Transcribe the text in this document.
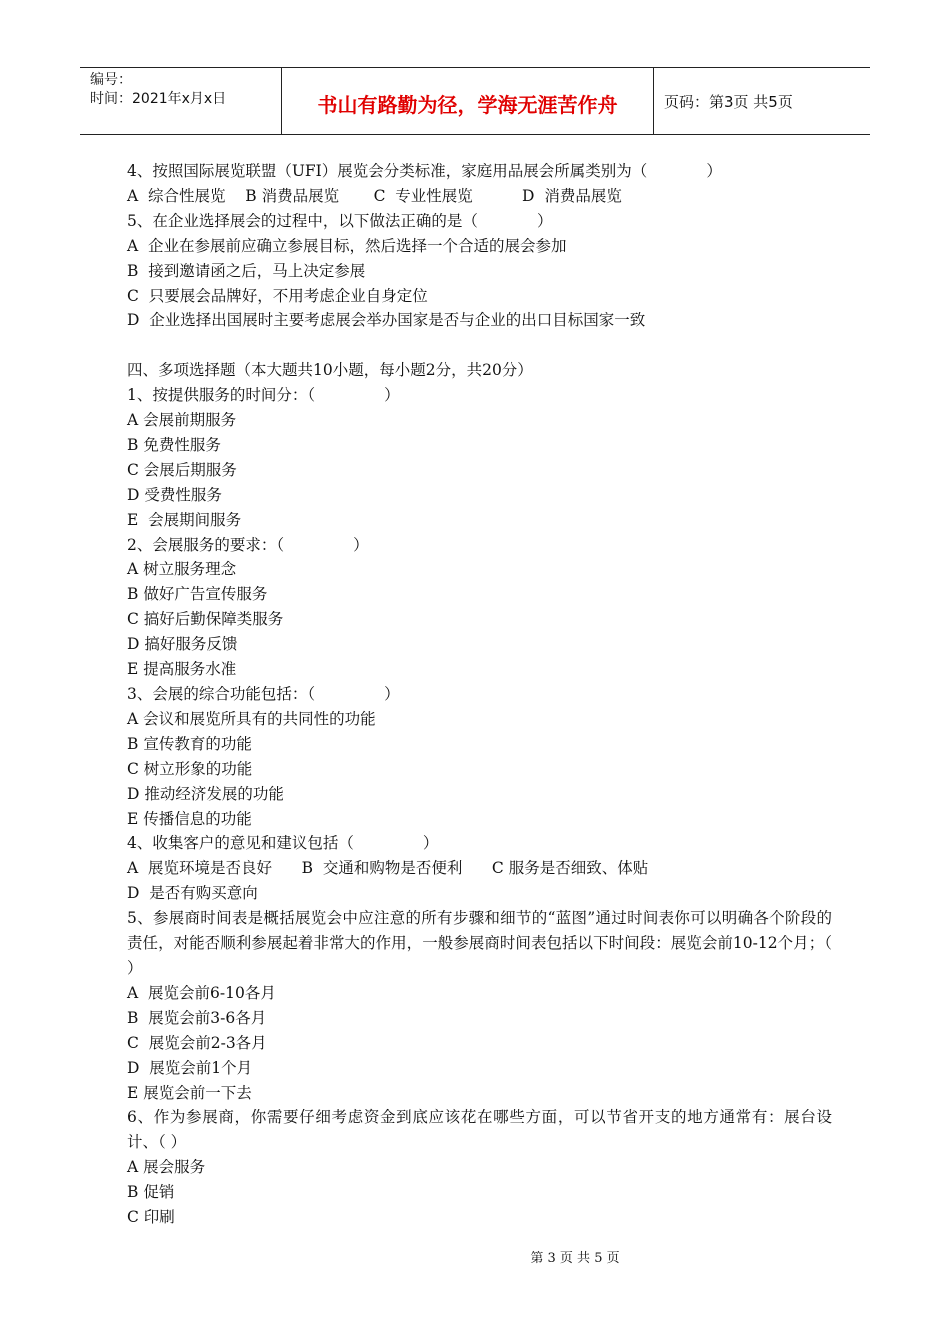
编号：
时间：2021年x月x日	书山有路勤为径，学海无涯苦作舟	页码：第3页 共5页
4、按照国际展览联盟（UFI）展览会分类标准，家庭用品展会所属类别为（            ）
A  综合性展览    B 消费品展览       C  专业性展览          D  消费品展览
5、在企业选择展会的过程中，以下做法正确的是（            ）
A  企业在参展前应确立参展目标，然后选择一个合适的展会参加
B  接到邀请函之后，马上决定参展
C  只要展会品牌好，不用考虑企业自身定位
D  企业选择出国展时主要考虑展会举办国家是否与企业的出口目标国家一致
四、多项选择题（本大题共10小题，每小题2分，共20分）
1、按提供服务的时间分：（              ）
A 会展前期服务
B 免费性服务
C 会展后期服务
D 受费性服务
E  会展期间服务
2、会展服务的要求：（              ）
A 树立服务理念
B 做好广告宣传服务
C 搞好后勤保障类服务
D 搞好服务反馈
E 提高服务水准
3、会展的综合功能包括：（              ）
A 会议和展览所具有的共同性的功能
B 宣传教育的功能
C 树立形象的功能
D 推动经济发展的功能
E 传播信息的功能
4、收集客户的意见和建议包括（              ）
A  展览环境是否良好      B  交通和购物是否便利      C 服务是否细致、体贴
D  是否有购买意向
5、参展商时间表是概括展览会中应注意的所有步骤和细节的“蓝图”通过时间表你可以明确各个阶段的责任，对能否顺利参展起着非常大的作用，一般参展商时间表包括以下时间段：展览会前10-12个月；（ ）
A  展览会前6-10各月
B  展览会前3-6各月
C  展览会前2-3各月
D  展览会前1个月
E 展览会前一下去
6、作为参展商，你需要仔细考虑资金到底应该花在哪些方面，可以节省开支的地方通常有：展台设计、（ ）
A 展会服务
B 促销
C 印刷
第 3 页 共 5 页
